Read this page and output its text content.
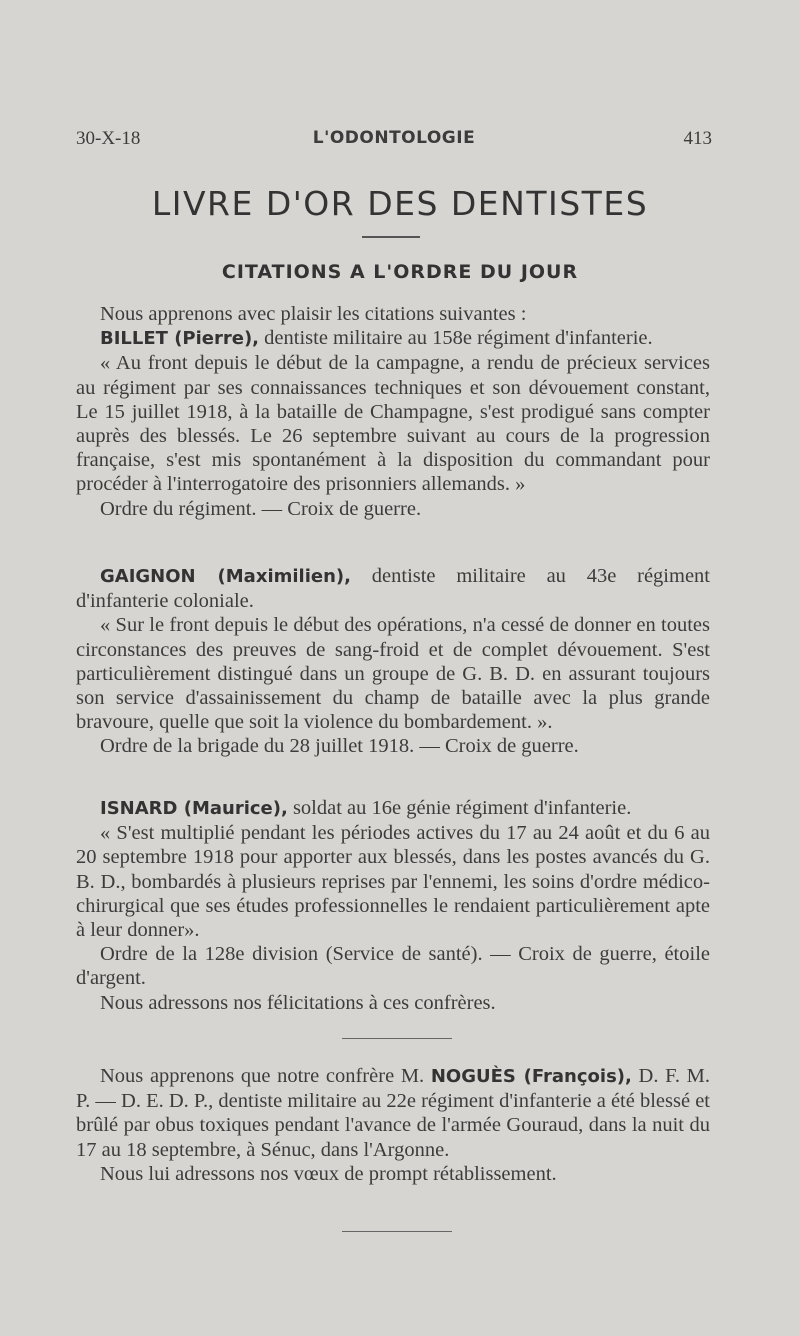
30-X-18	L'ODONTOLOGIE	413
LIVRE D'OR DES DENTISTES
CITATIONS A L'ORDRE DU JOUR

Nous apprenons avec plaisir les citations suivantes :

BILLET (Pierre), dentiste militaire au 158e régiment d'infanterie.

« Au front depuis le début de la campagne, a rendu de précieux services au régiment par ses connaissances techniques et son dévouement constant, Le 15 juillet 1918, à la bataille de Champagne, s'est prodigué sans compter auprès des blessés. Le 26 septembre suivant au cours de la progression française, s'est mis spontanément à la disposition du commandant pour procéder à l'interrogatoire des prisonniers allemands. »

Ordre du régiment. — Croix de guerre.

GAIGNON (Maximilien), dentiste militaire au 43e régiment d'infanterie coloniale.

« Sur le front depuis le début des opérations, n'a cessé de donner en toutes circonstances des preuves de sang-froid et de complet dévouement. S'est particulièrement distingué dans un groupe de G. B. D. en assurant toujours son service d'assainissement du champ de bataille avec la plus grande bravoure, quelle que soit la violence du bombardement. ».

Ordre de la brigade du 28 juillet 1918. — Croix de guerre.

ISNARD (Maurice), soldat au 16e génie régiment d'infanterie.

« S'est multiplié pendant les périodes actives du 17 au 24 août et du 6 au 20 septembre 1918 pour apporter aux blessés, dans les postes avancés du G. B. D., bombardés à plusieurs reprises par l'ennemi, les soins d'ordre médico-chirurgical que ses études professionnelles le rendaient particulièrement apte à leur donner».

Ordre de la 128e division (Service de santé). — Croix de guerre, étoile d'argent.

Nous adressons nos félicitations à ces confrères.

Nous apprenons que notre confrère M. NOGUÈS (François), D. F. M. P. — D. E. D. P., dentiste militaire au 22e régiment d'infanterie a été blessé et brûlé par obus toxiques pendant l'avance de l'armée Gouraud, dans la nuit du 17 au 18 septembre, à Sénuc, dans l'Argonne.

Nous lui adressons nos vœux de prompt rétablissement.
